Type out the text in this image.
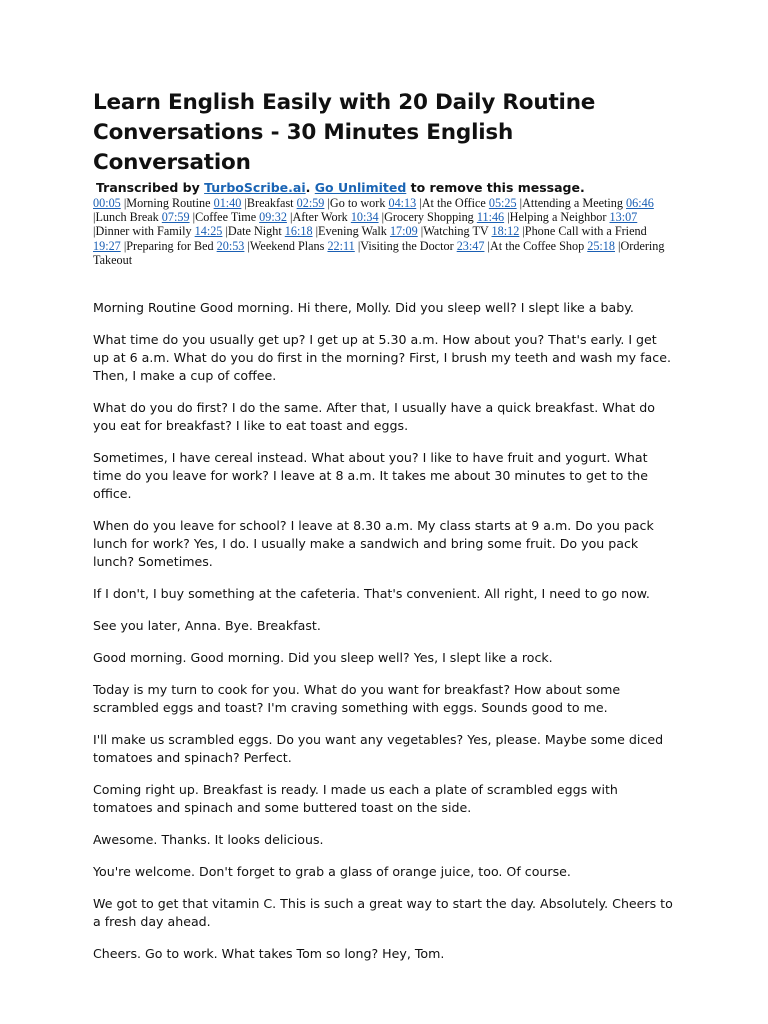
Learn English Easily with 20 Daily Routine Conversations - 30 Minutes English Conversation
Transcribed by TurboScribe.ai. Go Unlimited to remove this message.
00:05 |Morning Routine 01:40 |Breakfast 02:59 |Go to work 04:13 |At the Office 05:25 |Attending a Meeting 06:46 |Lunch Break 07:59 |Coffee Time 09:32 |After Work 10:34 |Grocery Shopping 11:46 |Helping a Neighbor 13:07 |Dinner with Family 14:25 |Date Night 16:18 |Evening Walk 17:09 |Watching TV 18:12 |Phone Call with a Friend 19:27 |Preparing for Bed 20:53 |Weekend Plans 22:11 |Visiting the Doctor 23:47 |At the Coffee Shop 25:18 |Ordering Takeout

Morning Routine Good morning. Hi there, Molly. Did you sleep well? I slept like a baby.

What time do you usually get up? I get up at 5.30 a.m. How about you? That's early. I get up at 6 a.m. What do you do first in the morning? First, I brush my teeth and wash my face. Then, I make a cup of coffee.

What do you do first? I do the same. After that, I usually have a quick breakfast. What do you eat for breakfast? I like to eat toast and eggs.

Sometimes, I have cereal instead. What about you? I like to have fruit and yogurt. What time do you leave for work? I leave at 8 a.m. It takes me about 30 minutes to get to the office.

When do you leave for school? I leave at 8.30 a.m. My class starts at 9 a.m. Do you pack lunch for work? Yes, I do. I usually make a sandwich and bring some fruit. Do you pack lunch? Sometimes.

If I don't, I buy something at the cafeteria. That's convenient. All right, I need to go now.

See you later, Anna. Bye. Breakfast.

Good morning. Good morning. Did you sleep well? Yes, I slept like a rock.

Today is my turn to cook for you. What do you want for breakfast? How about some scrambled eggs and toast? I'm craving something with eggs. Sounds good to me.

I'll make us scrambled eggs. Do you want any vegetables? Yes, please. Maybe some diced tomatoes and spinach? Perfect.

Coming right up. Breakfast is ready. I made us each a plate of scrambled eggs with tomatoes and spinach and some buttered toast on the side.

Awesome. Thanks. It looks delicious.

You're welcome. Don't forget to grab a glass of orange juice, too. Of course.

We got to get that vitamin C. This is such a great way to start the day. Absolutely. Cheers to a fresh day ahead.

Cheers. Go to work. What takes Tom so long? Hey, Tom.
